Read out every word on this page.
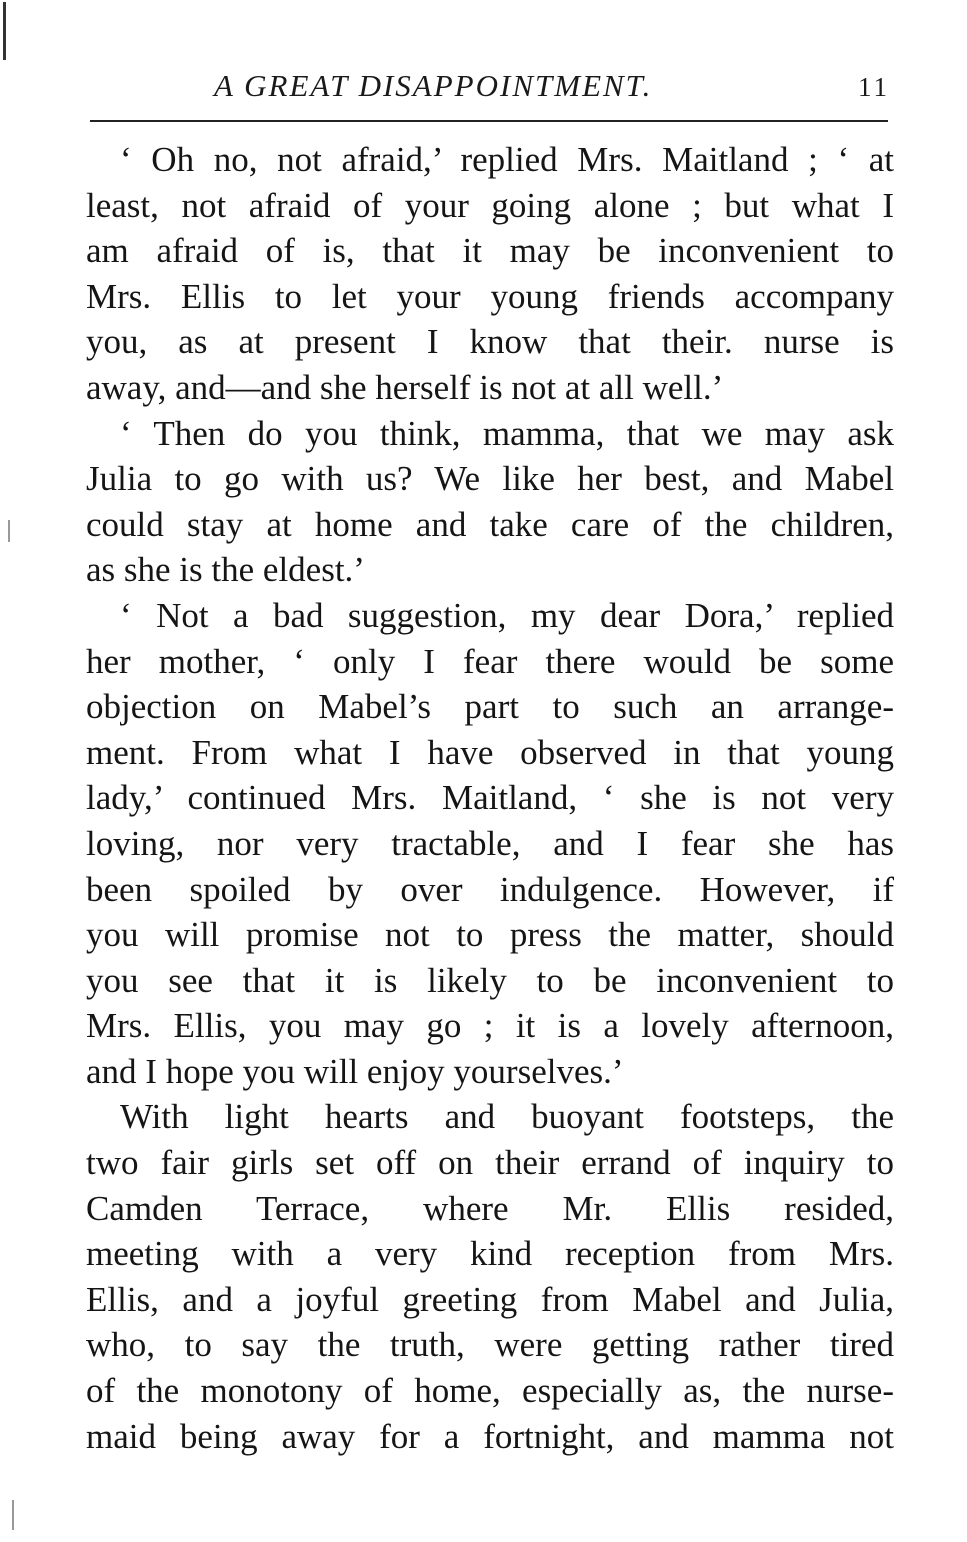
A GREAT DISAPPOINTMENT.	11
‘ Oh no, not afraid,’ replied Mrs. Maitland ; ‘ at
least, not afraid of your going alone ; but what I
am afraid of is, that it may be inconvenient to
Mrs. Ellis to let your young friends accompany
you, as at present I know that their. nurse is
away, and—and she herself is not at all well.’
‘ Then do you think, mamma, that we may ask
Julia to go with us? We like her best, and Mabel
could stay at home and take care of the children,
as she is the eldest.’
‘ Not a bad suggestion, my dear Dora,’ replied
her mother, ‘ only I fear there would be some
objection on Mabel’s part to such an arrange-
ment. From what I have observed in that young
lady,’ continued Mrs. Maitland, ‘ she is not very
loving, nor very tractable, and I fear she has
been spoiled by over indulgence. However, if
you will promise not to press the matter, should
you see that it is likely to be inconvenient to
Mrs. Ellis, you may go ; it is a lovely afternoon,
and I hope you will enjoy yourselves.’
With light hearts and buoyant footsteps, the
two fair girls set off on their errand of inquiry to
Camden Terrace, where Mr. Ellis resided,
meeting with a very kind reception from Mrs.
Ellis, and a joyful greeting from Mabel and Julia,
who, to say the truth, were getting rather tired
of the monotony of home, especially as, the nurse-
maid being away for a fortnight, and mamma not
